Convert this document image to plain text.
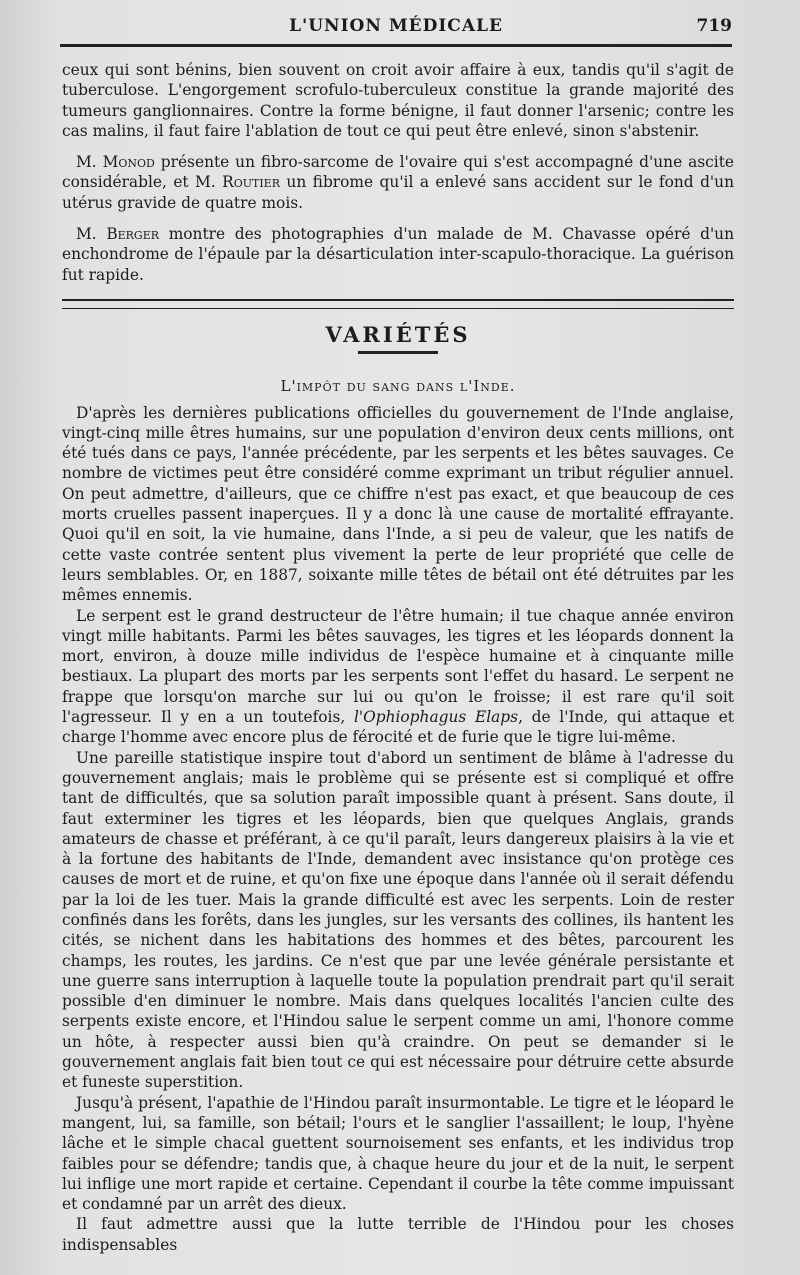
L'UNION MÉDICALE	719

ceux qui sont bénins, bien souvent on croit avoir affaire à eux, tandis qu'il s'agit de tuberculose. L'engorgement scrofulo-tuberculeux constitue la grande majorité des tumeurs ganglionnaires. Contre la forme bénigne, il faut donner l'arsenic; contre les cas malins, il faut faire l'ablation de tout ce qui peut être enlevé, sinon s'abstenir.

M. Monod présente un fibro-sarcome de l'ovaire qui s'est accompagné d'une ascite considérable, et M. Routier un fibrome qu'il a enlevé sans accident sur le fond d'un utérus gravide de quatre mois.

M. Berger montre des photographies d'un malade de M. Chavasse opéré d'un enchondrome de l'épaule par la désarticulation inter-scapulo-thoracique. La guérison fut rapide.

VARIÉTÉS
L'impôt du sang dans l'Inde.

D'après les dernières publications officielles du gouvernement de l'Inde anglaise, vingt-cinq mille êtres humains, sur une population d'environ deux cents millions, ont été tués dans ce pays, l'année précédente, par les serpents et les bêtes sauvages. Ce nombre de victimes peut être considéré comme exprimant un tribut régulier annuel. On peut admettre, d'ailleurs, que ce chiffre n'est pas exact, et que beaucoup de ces morts cruelles passent inaperçues. Il y a donc là une cause de mortalité effrayante. Quoi qu'il en soit, la vie humaine, dans l'Inde, a si peu de valeur, que les natifs de cette vaste contrée sentent plus vivement la perte de leur propriété que celle de leurs semblables. Or, en 1887, soixante mille têtes de bétail ont été détruites par les mêmes ennemis.

Le serpent est le grand destructeur de l'être humain; il tue chaque année environ vingt mille habitants. Parmi les bêtes sauvages, les tigres et les léopards donnent la mort, environ, à douze mille individus de l'espèce humaine et à cinquante mille bestiaux. La plupart des morts par les serpents sont l'effet du hasard. Le serpent ne frappe que lorsqu'on marche sur lui ou qu'on le froisse; il est rare qu'il soit l'agresseur. Il y en a un toutefois, l'Ophiophagus Elaps, de l'Inde, qui attaque et charge l'homme avec encore plus de férocité et de furie que le tigre lui-même.

Une pareille statistique inspire tout d'abord un sentiment de blâme à l'adresse du gouvernement anglais; mais le problème qui se présente est si compliqué et offre tant de difficultés, que sa solution paraît impossible quant à présent. Sans doute, il faut exterminer les tigres et les léopards, bien que quelques Anglais, grands amateurs de chasse et préférant, à ce qu'il paraît, leurs dangereux plaisirs à la vie et à la fortune des habitants de l'Inde, demandent avec insistance qu'on protège ces causes de mort et de ruine, et qu'on fixe une époque dans l'année où il serait défendu par la loi de les tuer. Mais la grande difficulté est avec les serpents. Loin de rester confinés dans les forêts, dans les jungles, sur les versants des collines, ils hantent les cités, se nichent dans les habitations des hommes et des bêtes, parcourent les champs, les routes, les jardins. Ce n'est que par une levée générale persistante et une guerre sans interruption à laquelle toute la population prendrait part qu'il serait possible d'en diminuer le nombre. Mais dans quelques localités l'ancien culte des serpents existe encore, et l'Hindou salue le serpent comme un ami, l'honore comme un hôte, à respecter aussi bien qu'à craindre. On peut se demander si le gouvernement anglais fait bien tout ce qui est nécessaire pour détruire cette absurde et funeste superstition.

Jusqu'à présent, l'apathie de l'Hindou paraît insurmontable. Le tigre et le léopard le mangent, lui, sa famille, son bétail; l'ours et le sanglier l'assaillent; le loup, l'hyène lâche et le simple chacal guettent sournoisement ses enfants, et les individus trop faibles pour se défendre; tandis que, à chaque heure du jour et de la nuit, le serpent lui inflige une mort rapide et certaine. Cependant il courbe la tête comme impuissant et condamné par un arrêt des dieux.

Il faut admettre aussi que la lutte terrible de l'Hindou pour les choses indispensables
